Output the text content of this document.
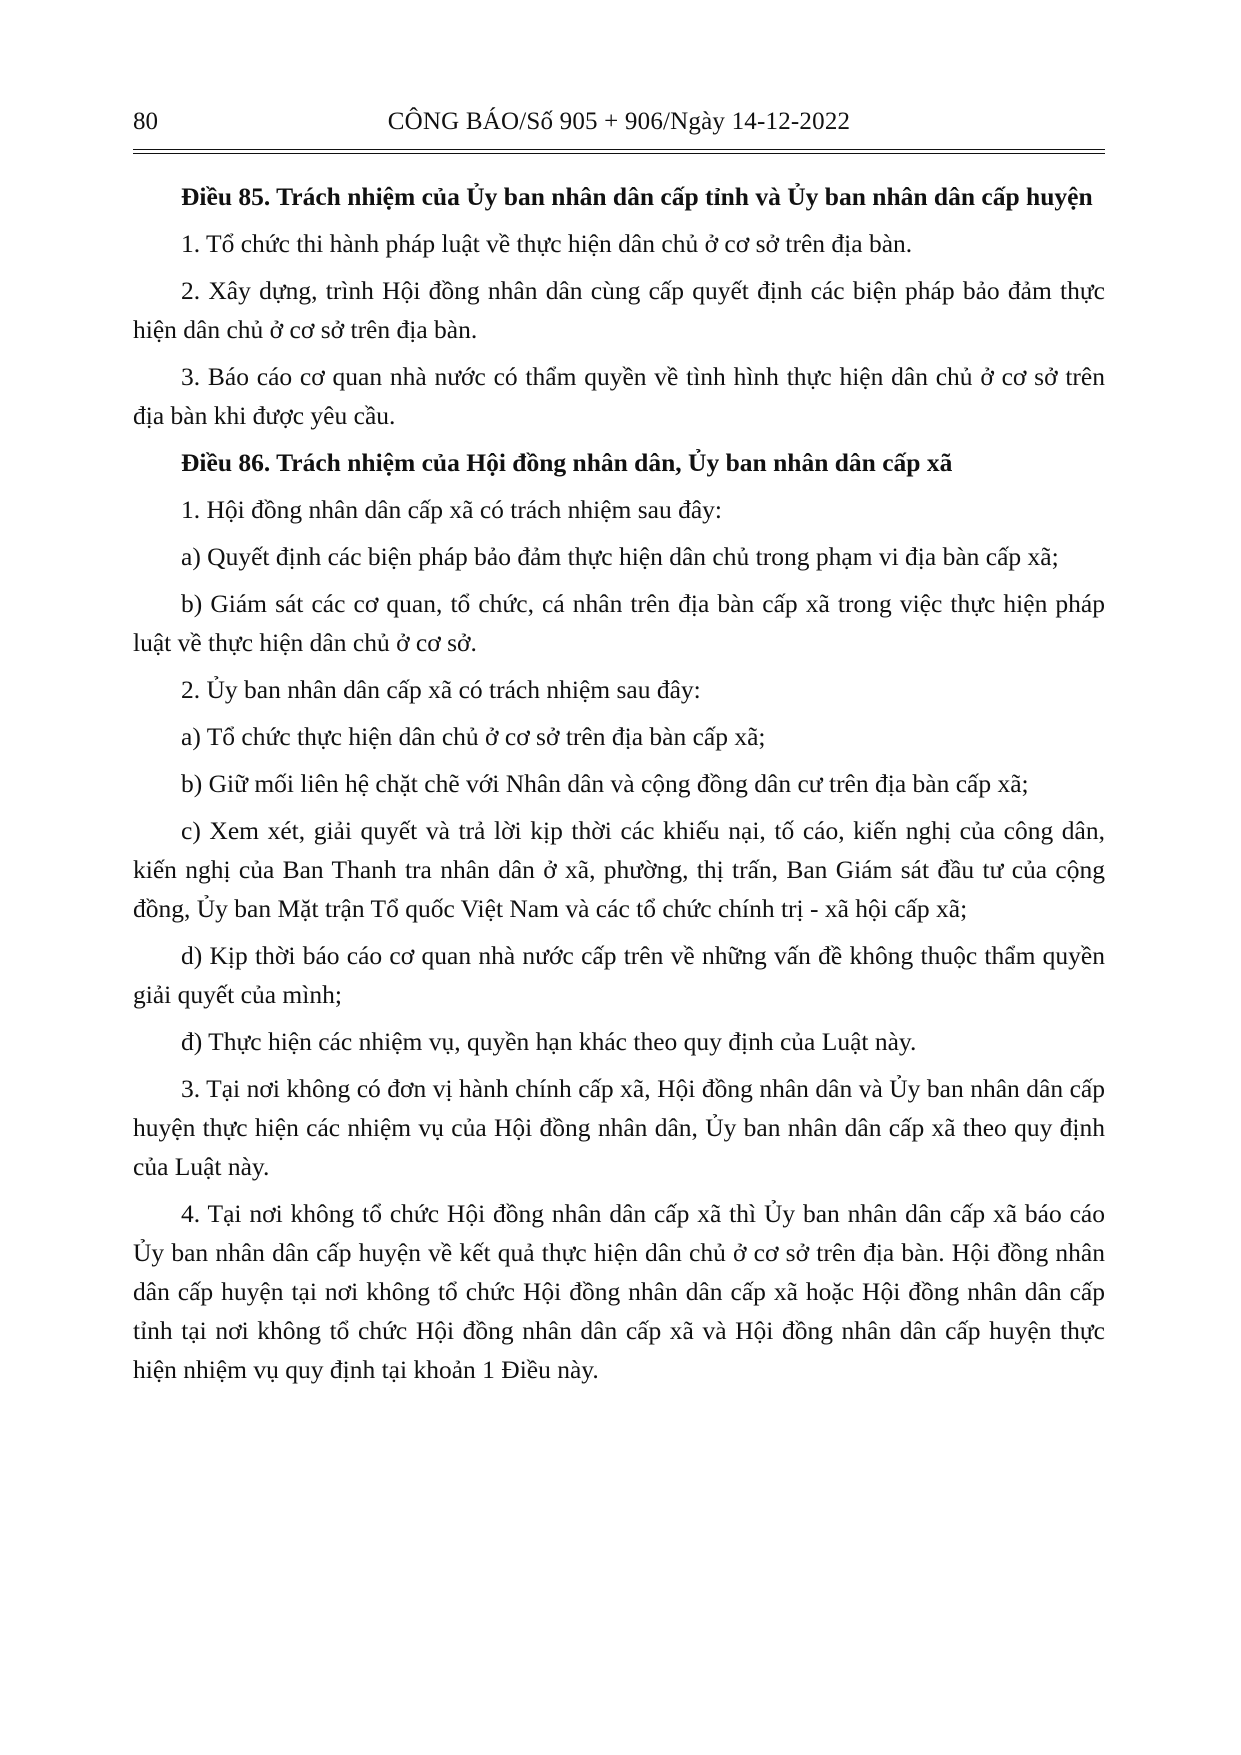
80	CÔNG BÁO/Số 905 + 906/Ngày 14-12-2022

Điều 85. Trách nhiệm của Ủy ban nhân dân cấp tỉnh và Ủy ban nhân dân cấp huyện

1. Tổ chức thi hành pháp luật về thực hiện dân chủ ở cơ sở trên địa bàn.

2. Xây dựng, trình Hội đồng nhân dân cùng cấp quyết định các biện pháp bảo đảm thực hiện dân chủ ở cơ sở trên địa bàn.

3. Báo cáo cơ quan nhà nước có thẩm quyền về tình hình thực hiện dân chủ ở cơ sở trên địa bàn khi được yêu cầu.

Điều 86. Trách nhiệm của Hội đồng nhân dân, Ủy ban nhân dân cấp xã

1. Hội đồng nhân dân cấp xã có trách nhiệm sau đây:

a) Quyết định các biện pháp bảo đảm thực hiện dân chủ trong phạm vi địa bàn cấp xã;

b) Giám sát các cơ quan, tổ chức, cá nhân trên địa bàn cấp xã trong việc thực hiện pháp luật về thực hiện dân chủ ở cơ sở.

2. Ủy ban nhân dân cấp xã có trách nhiệm sau đây:

a) Tổ chức thực hiện dân chủ ở cơ sở trên địa bàn cấp xã;

b) Giữ mối liên hệ chặt chẽ với Nhân dân và cộng đồng dân cư trên địa bàn cấp xã;

c) Xem xét, giải quyết và trả lời kịp thời các khiếu nại, tố cáo, kiến nghị của công dân, kiến nghị của Ban Thanh tra nhân dân ở xã, phường, thị trấn, Ban Giám sát đầu tư của cộng đồng, Ủy ban Mặt trận Tổ quốc Việt Nam và các tổ chức chính trị - xã hội cấp xã;

d) Kịp thời báo cáo cơ quan nhà nước cấp trên về những vấn đề không thuộc thẩm quyền giải quyết của mình;

đ) Thực hiện các nhiệm vụ, quyền hạn khác theo quy định của Luật này.

3. Tại nơi không có đơn vị hành chính cấp xã, Hội đồng nhân dân và Ủy ban nhân dân cấp huyện thực hiện các nhiệm vụ của Hội đồng nhân dân, Ủy ban nhân dân cấp xã theo quy định của Luật này.

4. Tại nơi không tổ chức Hội đồng nhân dân cấp xã thì Ủy ban nhân dân cấp xã báo cáo Ủy ban nhân dân cấp huyện về kết quả thực hiện dân chủ ở cơ sở trên địa bàn. Hội đồng nhân dân cấp huyện tại nơi không tổ chức Hội đồng nhân dân cấp xã hoặc Hội đồng nhân dân cấp tỉnh tại nơi không tổ chức Hội đồng nhân dân cấp xã và Hội đồng nhân dân cấp huyện thực hiện nhiệm vụ quy định tại khoản 1 Điều này.
